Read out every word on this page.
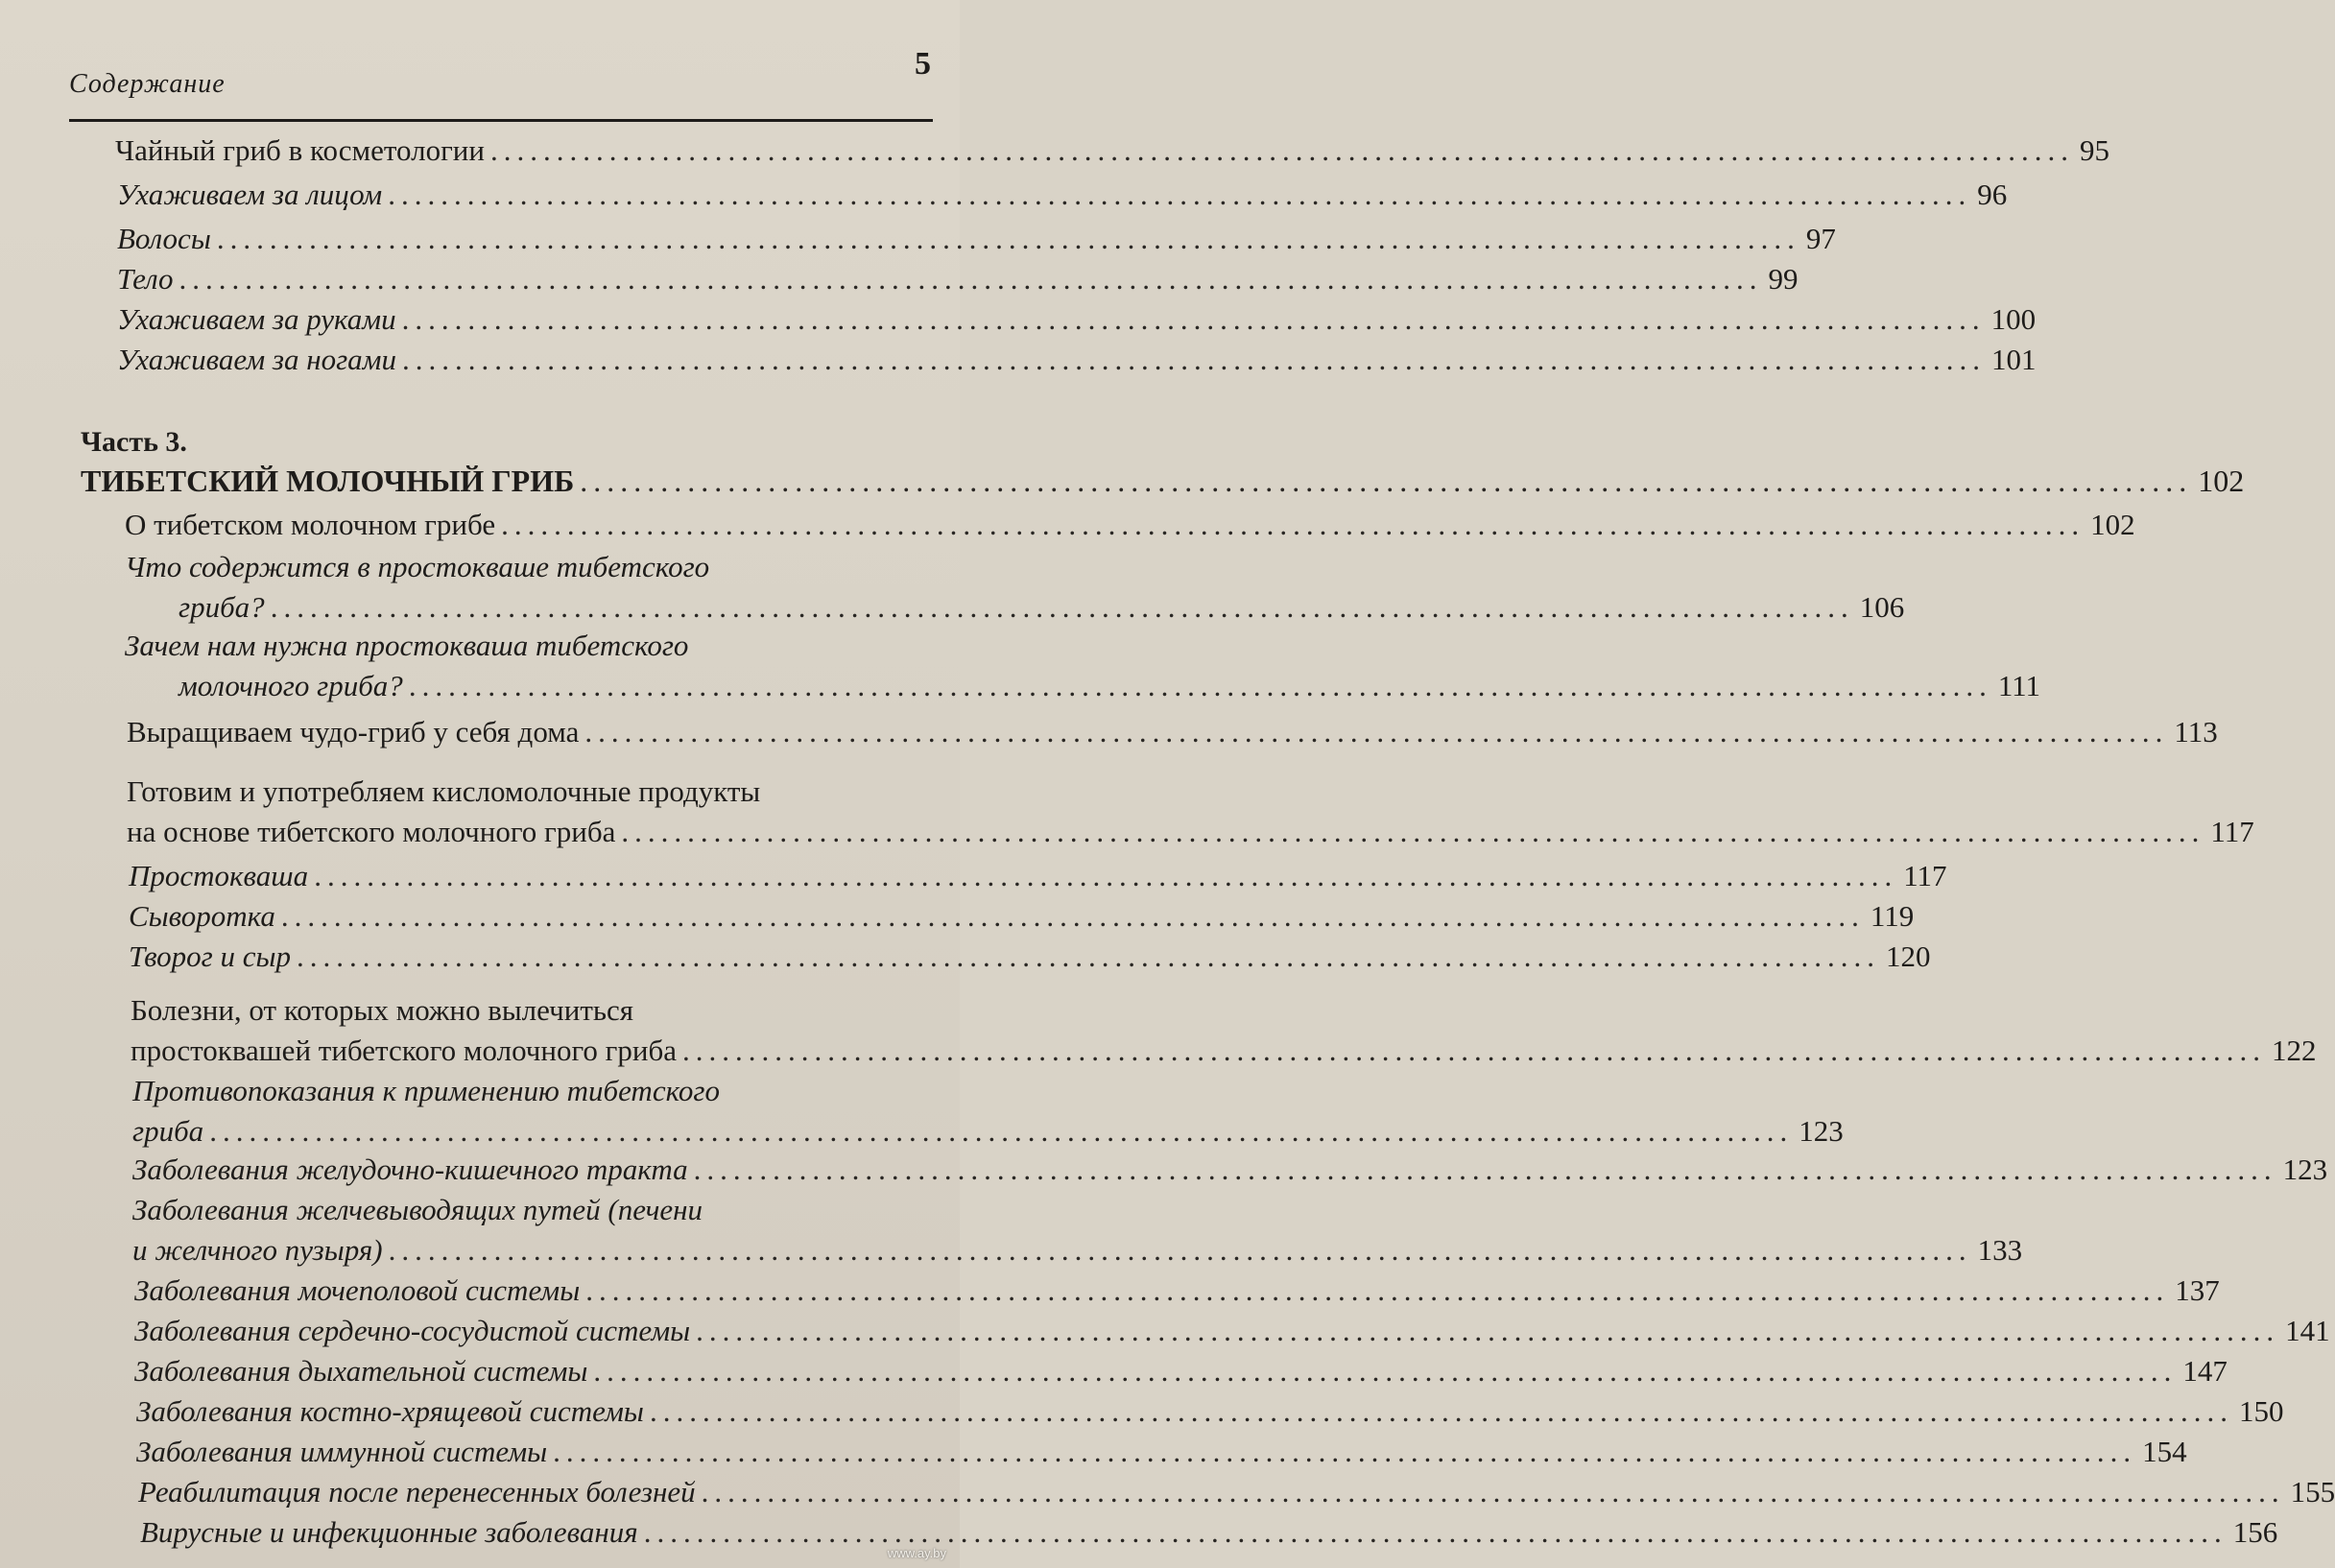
Содержание
5
Часть 3.
Чайный гриб в косметологии ........................................................................................................................ 95
Ухаживаем за лицом ........................................................................................................................ 96
Волосы ........................................................................................................................ 97
Тело ........................................................................................................................ 99
Ухаживаем за руками ........................................................................................................................ 100
Ухаживаем за ногами ........................................................................................................................ 101
ТИБЕТСКИЙ МОЛОЧНЫЙ ГРИБ ........................................................................................................................ 102
О тибетском молочном грибе ........................................................................................................................ 102
Что содержится в простокваше тибетского
гриба? ........................................................................................................................ 106
Зачем нам нужна простокваша тибетского
молочного гриба? ........................................................................................................................ 111
Выращиваем чудо-гриб у себя дома ........................................................................................................................ 113
Готовим и употребляем кисломолочные продукты
на основе тибетского молочного гриба ........................................................................................................................ 117
Простокваша ........................................................................................................................ 117
Сыворотка ........................................................................................................................ 119
Творог и сыр ........................................................................................................................ 120
Болезни, от которых можно вылечиться
простоквашей тибетского молочного гриба ........................................................................................................................ 122
Противопоказания к применению тибетского
гриба ........................................................................................................................ 123
Заболевания желудочно-кишечного тракта ........................................................................................................................ 123
Заболевания желчевыводящих путей (печени
и желчного пузыря) ........................................................................................................................ 133
Заболевания мочеполовой системы ........................................................................................................................ 137
Заболевания сердечно-сосудистой системы ........................................................................................................................ 141
Заболевания дыхательной системы ........................................................................................................................ 147
Заболевания костно-хрящевой системы ........................................................................................................................ 150
Заболевания иммунной системы ........................................................................................................................ 154
Реабилитация после перенесенных болезней ........................................................................................................................ 155
Вирусные и инфекционные заболевания ........................................................................................................................ 156
www.ay.by
